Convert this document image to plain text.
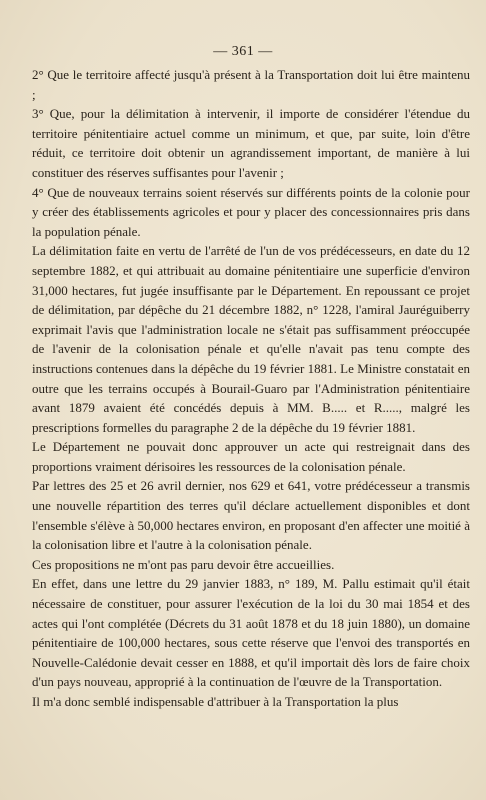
— 361 —

2° Que le territoire affecté jusqu'à présent à la Transportation doit lui être maintenu ;

3° Que, pour la délimitation à intervenir, il importe de considérer l'étendue du territoire pénitentiaire actuel comme un minimum, et que, par suite, loin d'être réduit, ce territoire doit obtenir un agrandissement important, de manière à lui constituer des réserves suffisantes pour l'avenir ;

4° Que de nouveaux terrains soient réservés sur différents points de la colonie pour y créer des établissements agricoles et pour y placer des concessionnaires pris dans la population pénale.

La délimitation faite en vertu de l'arrêté de l'un de vos prédécesseurs, en date du 12 septembre 1882, et qui attribuait au domaine pénitentiaire une superficie d'environ 31,000 hectares, fut jugée insuffisante par le Département. En repoussant ce projet de délimitation, par dépêche du 21 décembre 1882, n° 1228, l'amiral Jauréguiberry exprimait l'avis que l'administration locale ne s'était pas suffisamment préoccupée de l'avenir de la colonisation pénale et qu'elle n'avait pas tenu compte des instructions contenues dans la dépêche du 19 février 1881. Le Ministre constatait en outre que les terrains occupés à Bourail-Guaro par l'Administration pénitentiaire avant 1879 avaient été concédés depuis à MM. B..... et R....., malgré les prescriptions formelles du paragraphe 2 de la dépêche du 19 février 1881.

Le Département ne pouvait donc approuver un acte qui restreignait dans des proportions vraiment dérisoires les ressources de la colonisation pénale.

Par lettres des 25 et 26 avril dernier, nos 629 et 641, votre prédécesseur a transmis une nouvelle répartition des terres qu'il déclare actuellement disponibles et dont l'ensemble s'élève à 50,000 hectares environ, en proposant d'en affecter une moitié à la colonisation libre et l'autre à la colonisation pénale.

Ces propositions ne m'ont pas paru devoir être accueillies.

En effet, dans une lettre du 29 janvier 1883, n° 189, M. Pallu estimait qu'il était nécessaire de constituer, pour assurer l'exécution de la loi du 30 mai 1854 et des actes qui l'ont complétée (Décrets du 31 août 1878 et du 18 juin 1880), un domaine pénitentiaire de 100,000 hectares, sous cette réserve que l'envoi des transportés en Nouvelle-Calédonie devait cesser en 1888, et qu'il importait dès lors de faire choix d'un pays nouveau, approprié à la continuation de l'œuvre de la Transportation.

Il m'a donc semblé indispensable d'attribuer à la Transportation la plus
